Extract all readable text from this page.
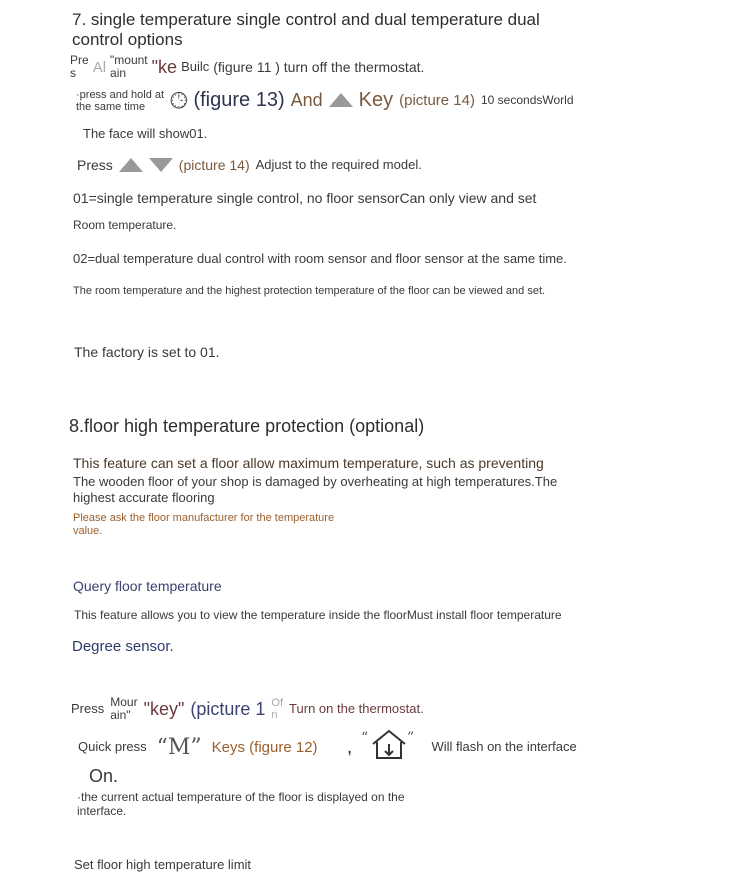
7. single temperature single control and dual temperature dual
control options
Pre
s	Al "mount
ain	"ke Builc (figure 11 ) turn off the thermostat.
·press and hold at
the same time	🕒︎ (figure 13) And Key (picture 14) 10 secondsWorld
The face will show01.
Press	(picture 14) Adjust to the required model.
01=single temperature single control, no floor sensorCan only view and set
Room temperature.
02=dual temperature dual control with room sensor and floor sensor at the same time.
The room temperature and the highest protection temperature of the floor can be viewed and set.
The factory is set to 01.
8.floor high temperature protection (optional)
This feature can set a floor allow maximum temperature, such as preventing
The wooden floor of your shop is damaged by overheating at high temperatures.The
highest accurate flooring
Please ask the floor manufacturer for the temperature
value.
Query floor temperature
This feature allows you to view the temperature inside the floorMust install floor temperature
Degree sensor.
Press Mour
ain" "key" (picture 1 Of
n Turn on the thermostat.
Quick press “M” Keys (figure 12) ,
“	”
Will flash on the interface
On.
·the current actual temperature of the floor is displayed on the
interface.
Set floor high temperature limit
